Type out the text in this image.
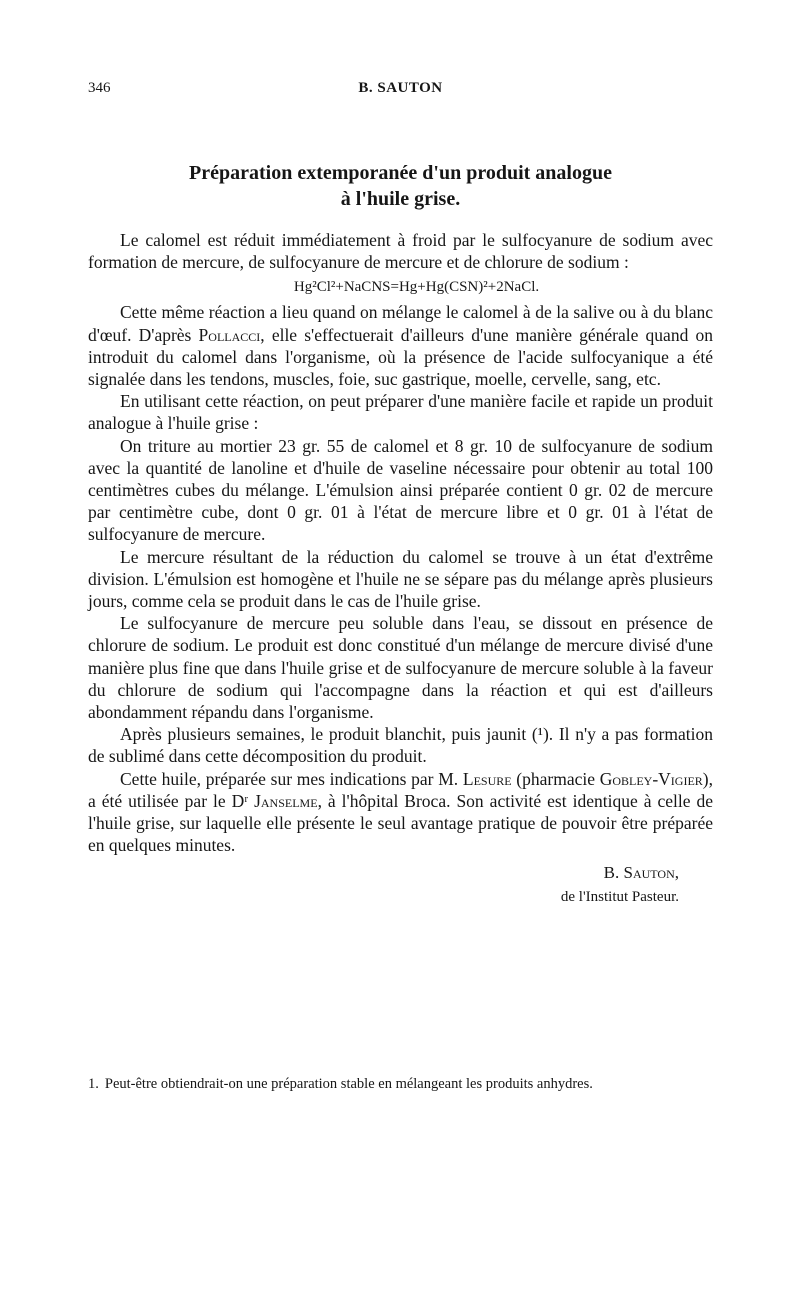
346	B. SAUTON
Préparation extemporanée d'un produit analogue
à l'huile grise.

Le calomel est réduit immédiatement à froid par le sulfocyanure de sodium avec formation de mercure, de sulfocyanure de mercure et de chlorure de sodium :

Hg²Cl²+NaCNS=Hg+Hg(CSN)²+2NaCl.

Cette même réaction a lieu quand on mélange le calomel à de la salive ou à du blanc d'œuf. D'après Pollacci, elle s'effectuerait d'ailleurs d'une manière générale quand on introduit du calomel dans l'organisme, où la présence de l'acide sulfocyanique a été signalée dans les tendons, muscles, foie, suc gastrique, moelle, cervelle, sang, etc.

En utilisant cette réaction, on peut préparer d'une manière facile et rapide un produit analogue à l'huile grise :

On triture au mortier 23 gr. 55 de calomel et 8 gr. 10 de sulfocyanure de sodium avec la quantité de lanoline et d'huile de vaseline nécessaire pour obtenir au total 100 centimètres cubes du mélange. L'émulsion ainsi préparée contient 0 gr. 02 de mercure par centimètre cube, dont 0 gr. 01 à l'état de mercure libre et 0 gr. 01 à l'état de sulfocyanure de mercure.

Le mercure résultant de la réduction du calomel se trouve à un état d'extrême division. L'émulsion est homogène et l'huile ne se sépare pas du mélange après plusieurs jours, comme cela se produit dans le cas de l'huile grise.

Le sulfocyanure de mercure peu soluble dans l'eau, se dissout en présence de chlorure de sodium. Le produit est donc constitué d'un mélange de mercure divisé d'une manière plus fine que dans l'huile grise et de sulfocyanure de mercure soluble à la faveur du chlorure de sodium qui l'accompagne dans la réaction et qui est d'ailleurs abondamment répandu dans l'organisme.

Après plusieurs semaines, le produit blanchit, puis jaunit (¹). Il n'y a pas formation de sublimé dans cette décomposition du produit.

Cette huile, préparée sur mes indications par M. Lesure (pharmacie Gobley-Vigier), a été utilisée par le Dʳ Janselme, à l'hôpital Broca. Son activité est identique à celle de l'huile grise, sur laquelle elle présente le seul avantage pratique de pouvoir être préparée en quelques minutes.

B. Sauton,
de l'Institut Pasteur.
1. Peut-être obtiendrait-on une préparation stable en mélangeant les produits anhydres.
